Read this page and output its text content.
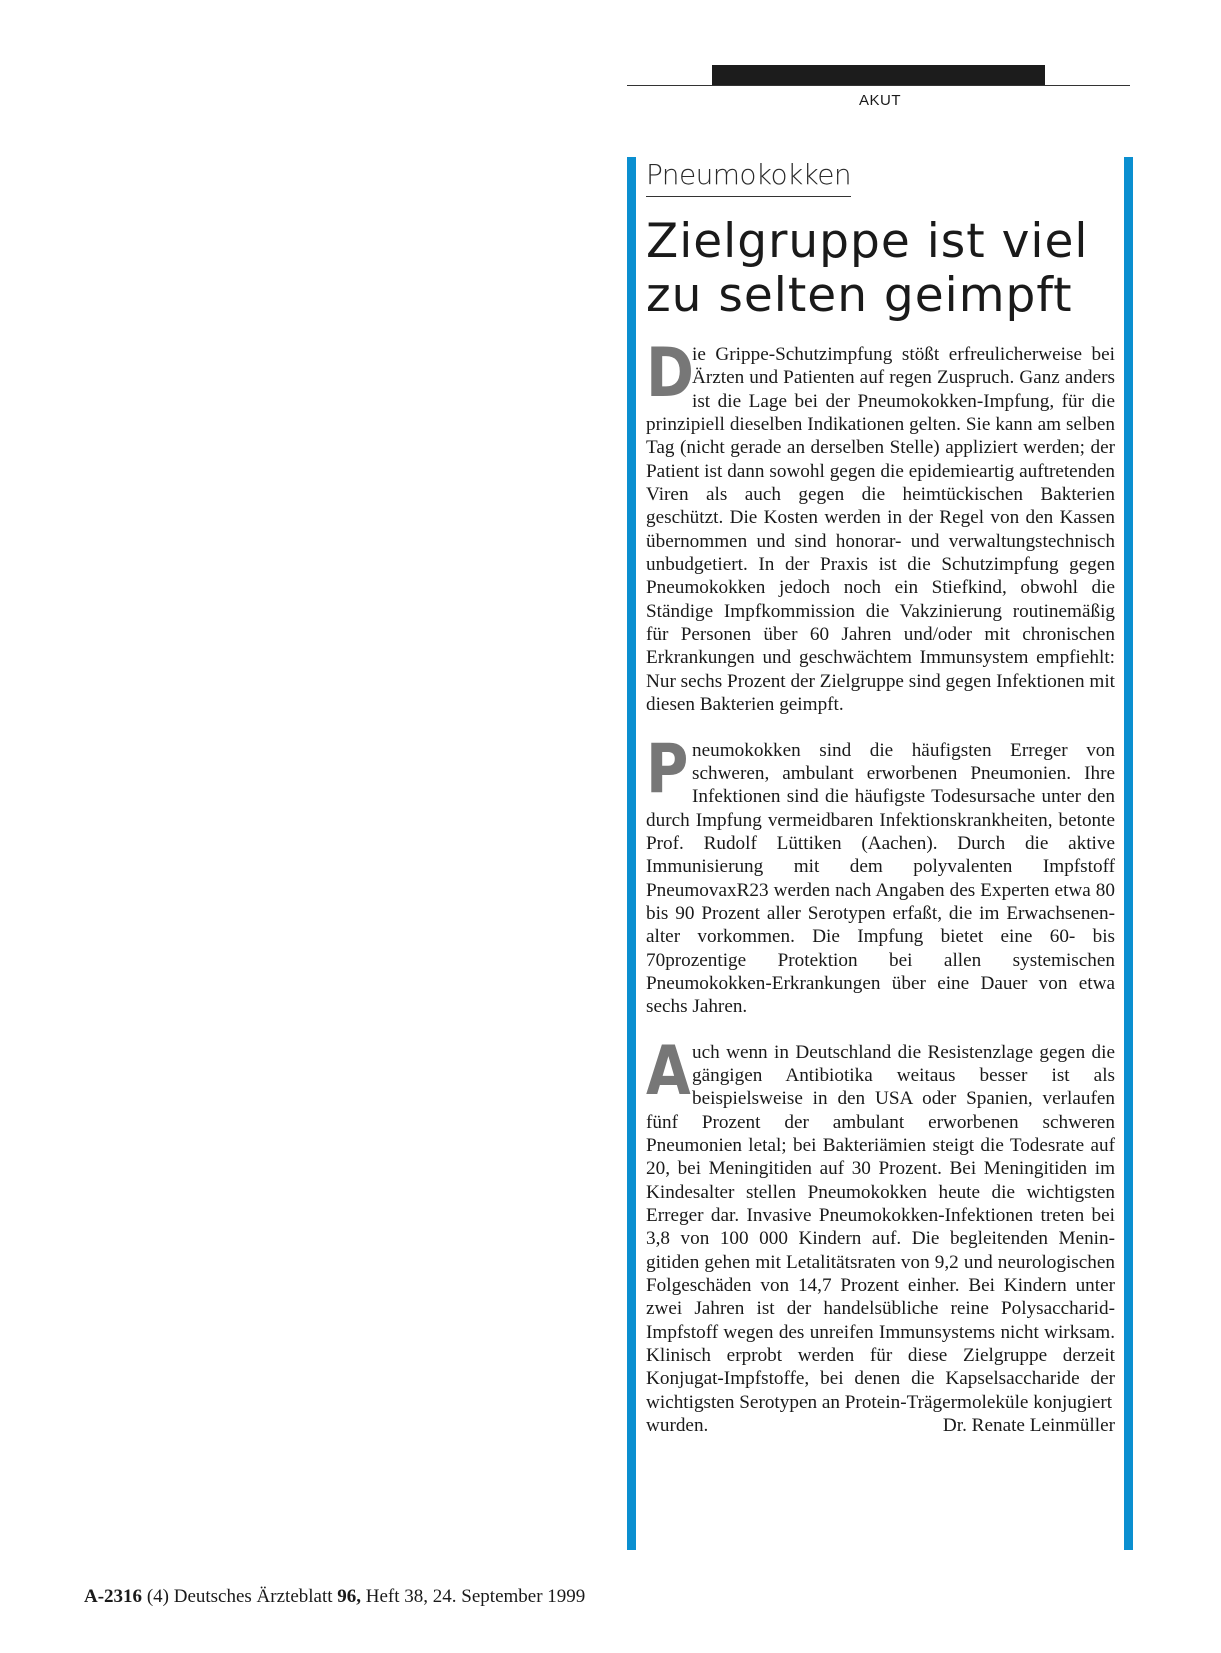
AKUT
Pneumokokken
Zielgruppe ist viel
zu selten geimpft

D
ie Grippe-Schutzimpfung stößt erfreulicherweise bei Ärzten und Patienten auf regen Zuspruch. Ganz anders ist die Lage bei der Pneumokokken-Impfung, für die prinzipiell dieselben Indikationen gelten. Sie kann am selben Tag (nicht gerade an derselben Stelle) appliziert werden; der Patient ist dann sowohl gegen die epidemieartig auftretenden Viren als auch gegen die heimtückischen Bakterien geschützt. Die Kosten werden in der Regel von den Kassen übernommen und sind honorar- und verwaltungstechnisch unbudgetiert. In der Praxis ist die Schutzimpfung gegen Pneumokokken jedoch noch ein Stiefkind, obwohl die Ständige Impfkommission die Vakzinierung routinemäßig für Personen über 60 Jahren und/oder mit chronischen Erkrankungen und geschwächtem Immunsystem empfiehlt: Nur sechs Prozent der Zielgruppe sind gegen Infektionen mit diesen Bakterien geimpft.

Pneumokokken sind die häufigsten Erreger von schweren, ambulant erworbenen Pneumonien. Ihre Infektionen sind die häufigste Todesursache unter den durch Impfung vermeidbaren Infektionskrankheiten, betonte Prof. Rudolf Lüttiken (Aachen). Durch die aktive Immunisierung mit dem polyvalenten Impfstoff PneumovaxR23 werden nach Angaben des Experten etwa 80 bis 90 Prozent aller Serotypen erfaßt, die im Erwachsenenalter vorkommen. Die Impfung bietet eine 60- bis 70prozentige Protektion bei allen systemischen Pneumokokken-Erkrankungen über eine Dauer von etwa sechs Jahren.

Auch wenn in Deutschland die Resistenzlage gegen die gängigen Antibiotika weitaus besser ist als beispielsweise in den USA oder Spanien, verlaufen fünf Prozent der ambulant erworbenen schweren Pneumonien letal; bei Bakteriämien steigt die Todesrate auf 20, bei Meningitiden auf 30 Prozent. Bei Meningitiden im Kindesalter stellen Pneumokokken heute die wichtigsten Erreger dar. Invasive Pneumokokken-Infektionen treten bei 3,8 von 100 000 Kindern auf. Die begleitenden Meningitiden gehen mit Letalitätsraten von 9,2 und neurologischen Folgeschäden von 14,7 Prozent einher. Bei Kindern unter zwei Jahren ist der handelsübliche reine Polysaccharid-Impfstoff wegen des unreifen Immunsystems nicht wirksam. Klinisch erprobt werden für diese Zielgruppe derzeit Konjugat-Impfstoffe, bei denen die Kapselsaccharide der wichtigsten Serotypen an Protein-Trägermoleküle konjugiert

wurden.	Dr. Renate Leinmüller
A-2316 (4) Deutsches Ärzteblatt 96, Heft 38, 24. September 1999
